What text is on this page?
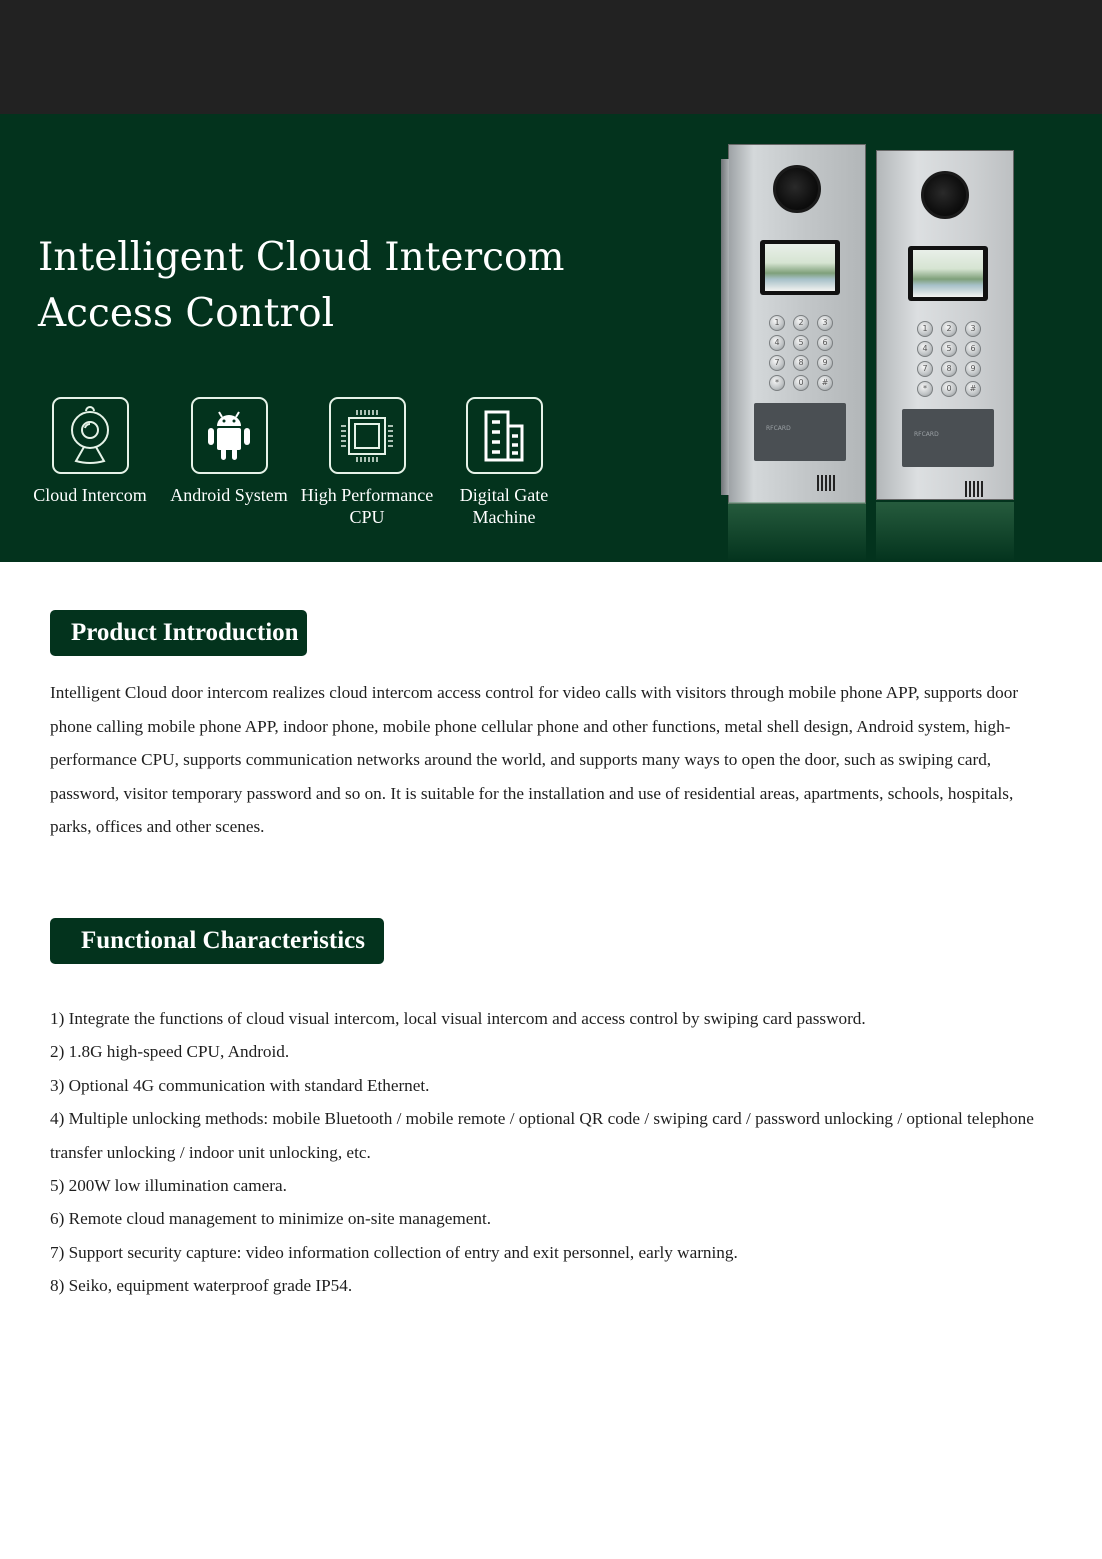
Intelligent Cloud Intercom
Access Control
Cloud Intercom	Android System High Performance
CPU
Digital Gate
Machine
1	2	3
4	5	6
7	8	9
*	0	#
RFCARD
1	2	3
4	5	6
7	8	9
*	0	#
RFCARD
Product Introduction

Intelligent Cloud door intercom realizes cloud intercom access control for video calls with visitors through mobile phone APP, supports door phone calling mobile phone APP, indoor phone, mobile phone cellular phone and other functions, metal shell design, Android system, high-performance CPU, supports communication networks around the world, and supports many ways to open the door, such as swiping card, password, visitor temporary password and so on. It is suitable for the installation and use of residential areas, apartments, schools, hospitals, parks, offices and other scenes.

Functional Characteristics
1) Integrate the functions of cloud visual intercom, local visual intercom and access control by swiping card password.
2) 1.8G high-speed CPU, Android.
3) Optional 4G communication with standard Ethernet.
4) Multiple unlocking methods: mobile Bluetooth / mobile remote / optional QR code / swiping card / password unlocking / optional telephone transfer unlocking / indoor unit unlocking, etc.
5) 200W low illumination camera.
6) Remote cloud management to minimize on-site management.
7) Support security capture: video information collection of entry and exit personnel, early warning.
8) Seiko, equipment waterproof grade IP54.
